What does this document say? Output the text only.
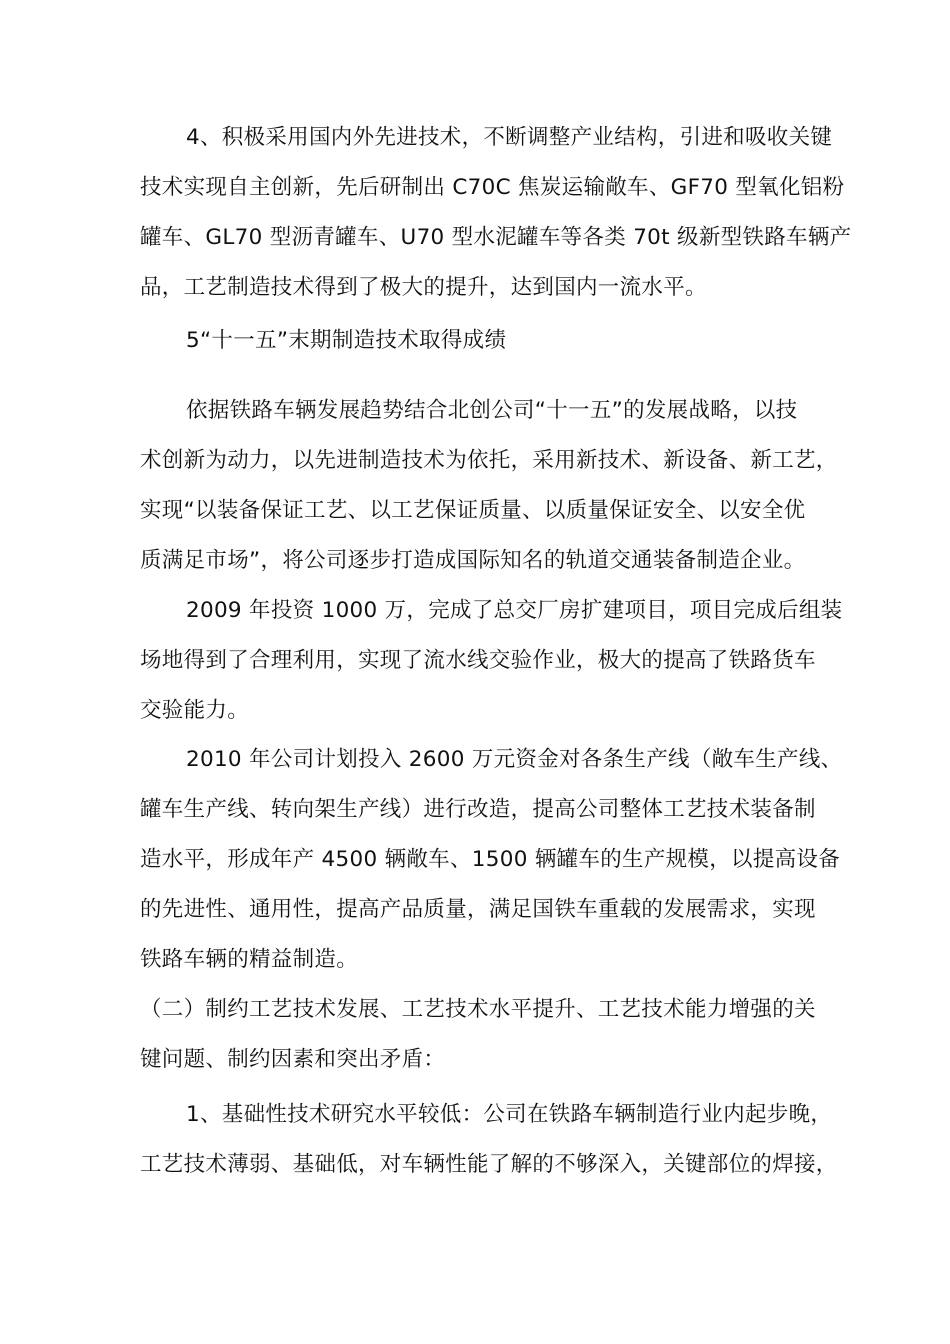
4、积极采用国内外先进技术，不断调整产业结构，引进和吸收关键
技术实现自主创新，先后研制出 C70C 焦炭运输敞车、GF70 型氧化铝粉
罐车、GL70 型沥青罐车、U70 型水泥罐车等各类 70t 级新型铁路车辆产
品，工艺制造技术得到了极大的提升，达到国内一流水平。
5“十一五”末期制造技术取得成绩
依据铁路车辆发展趋势结合北创公司“十一五”的发展战略，以技
术创新为动力，以先进制造技术为依托，采用新技术、新设备、新工艺，
实现“以装备保证工艺、以工艺保证质量、以质量保证安全、以安全优
质满足市场”，将公司逐步打造成国际知名的轨道交通装备制造企业。
2009 年投资 1000 万，完成了总交厂房扩建项目，项目完成后组装
场地得到了合理利用，实现了流水线交验作业，极大的提高了铁路货车
交验能力。
2010 年公司计划投入 2600 万元资金对各条生产线（敞车生产线、
罐车生产线、转向架生产线）进行改造，提高公司整体工艺技术装备制
造水平，形成年产 4500 辆敞车、1500 辆罐车的生产规模，以提高设备
的先进性、通用性，提高产品质量，满足国铁车重载的发展需求，实现
铁路车辆的精益制造。
（二）制约工艺技术发展、工艺技术水平提升、工艺技术能力增强的关
键问题、制约因素和突出矛盾：
1、基础性技术研究水平较低：公司在铁路车辆制造行业内起步晚，
工艺技术薄弱、基础低，对车辆性能了解的不够深入，关键部位的焊接，
